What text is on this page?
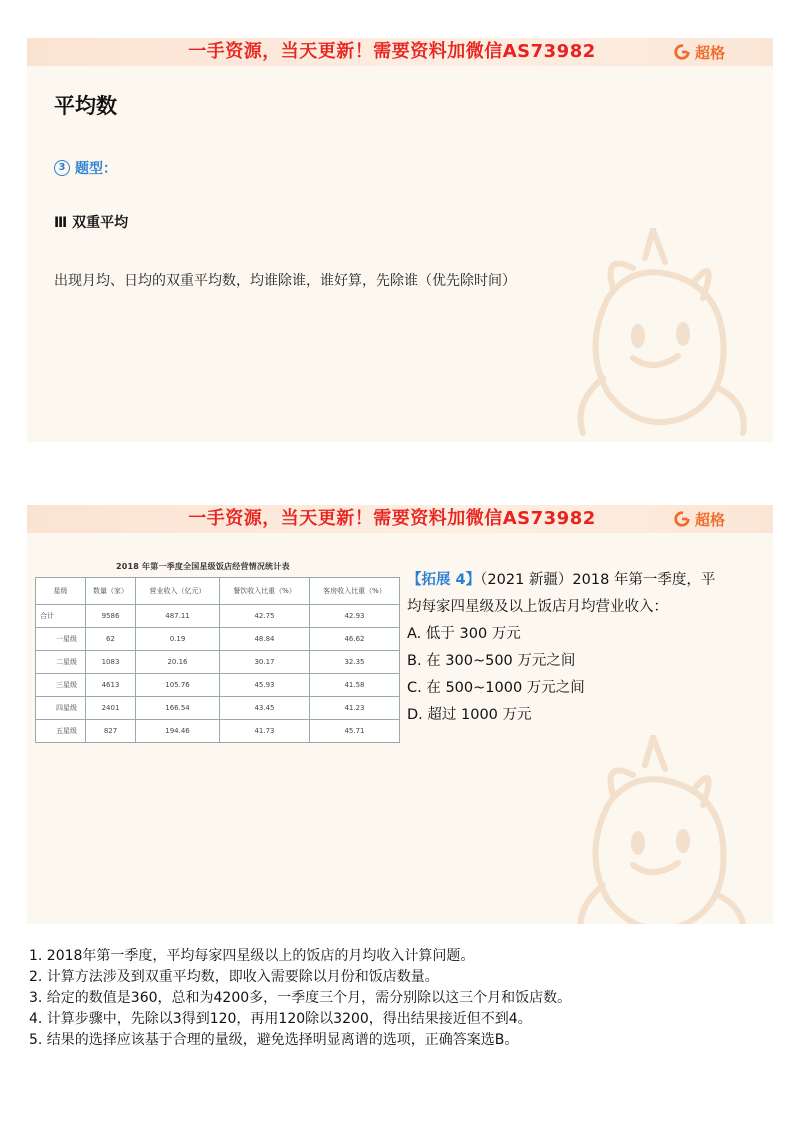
一手资源，当天更新！需要资料加微信AS73982	超格
平均数
3 题型：
Ⅲ 双重平均
出现月均、日均的双重平均数，均谁除谁，谁好算，先除谁（优先除时间）
一手资源，当天更新！需要资料加微信AS73982	超格
2018 年第一季度全国星级饭店经营情况统计表
星级	数量（家）	营业收入（亿元）	餐饮收入比重（%）	客房收入比重（%）
合计	9586	487.11	42.75	42.93
一星级	62	0.19	48.84	46.62
二星级	1083	20.16	30.17	32.35
三星级	4613	105.76	45.93	41.58
四星级	2401	166.54	43.45	41.23
五星级	827	194.46	41.73	45.71
【拓展 4】（2021 新疆）2018 年第一季度，平
均每家四星级及以上饭店月均营业收入：
A. 低于 300 万元
B. 在 300~500 万元之间
C. 在 500~1000 万元之间
D. 超过 1000 万元
1. 2018年第一季度，平均每家四星级以上的饭店的月均收入计算问题。
2. 计算方法涉及到双重平均数，即收入需要除以月份和饭店数量。
3. 给定的数值是360，总和为4200多，一季度三个月，需分别除以这三个月和饭店数。
4. 计算步骤中，先除以3得到120，再用120除以3200，得出结果接近但不到4。
5. 结果的选择应该基于合理的量级，避免选择明显离谱的选项，正确答案选B。
